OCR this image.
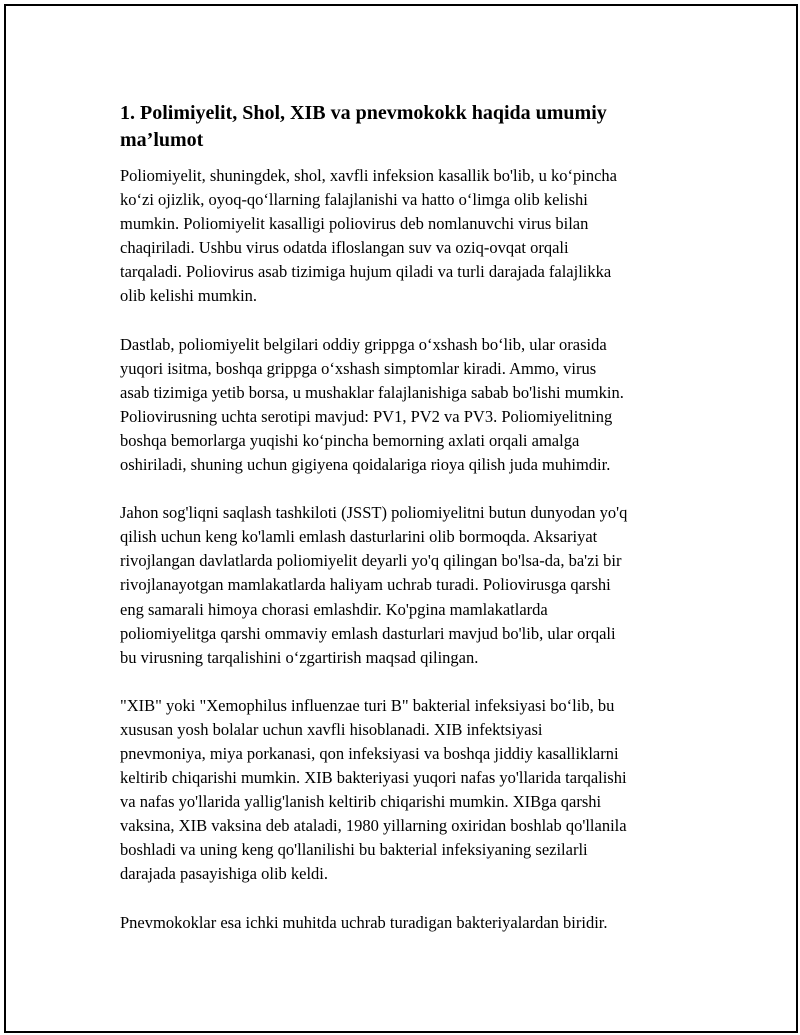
1. Polimiyelit, Shol, XIB va pnevmokokk haqida umumiy
ma’lumot
Poliomiyelit, shuningdek, shol, xavfli infeksion kasallik bo'lib, u ko‘pincha
ko‘zi ojizlik, oyoq-qo‘llarning falajlanishi va hatto o‘limga olib kelishi
mumkin. Poliomiyelit kasalligi poliovirus deb nomlanuvchi virus bilan
chaqiriladi. Ushbu virus odatda ifloslangan suv va oziq-ovqat orqali
tarqaladi. Poliovirus asab tizimiga hujum qiladi va turli darajada falajlikka
olib kelishi mumkin.
Dastlab, poliomiyelit belgilari oddiy grippga o‘xshash bo‘lib, ular orasida
yuqori isitma, boshqa grippga o‘xshash simptomlar kiradi. Ammo, virus
asab tizimiga yetib borsa, u mushaklar falajlanishiga sabab bo'lishi mumkin.
Poliovirusning uchta serotipi mavjud: PV1, PV2 va PV3. Poliomiyelitning
boshqa bemorlarga yuqishi ko‘pincha bemorning axlati orqali amalga
oshiriladi, shuning uchun gigiyena qoidalariga rioya qilish juda muhimdir.
Jahon sog'liqni saqlash tashkiloti (JSST) poliomiyelitni butun dunyodan yo'q
qilish uchun keng ko'lamli emlash dasturlarini olib bormoqda. Aksariyat
rivojlangan davlatlarda poliomiyelit deyarli yo'q qilingan bo'lsa-da, ba'zi bir
rivojlanayotgan mamlakatlarda haliyam uchrab turadi. Poliovirusga qarshi
eng samarali himoya chorasi emlashdir. Ko'pgina mamlakatlarda
poliomiyelitga qarshi ommaviy emlash dasturlari mavjud bo'lib, ular orqali
bu virusning tarqalishini o‘zgartirish maqsad qilingan.
"XIB" yoki "Xemophilus influenzae turi B" bakterial infeksiyasi bo‘lib, bu
xususan yosh bolalar uchun xavfli hisoblanadi. XIB infektsiyasi
pnevmoniya, miya porkanasi, qon infeksiyasi va boshqa jiddiy kasalliklarni
keltirib chiqarishi mumkin. XIB bakteriyasi yuqori nafas yo'llarida tarqalishi
va nafas yo'llarida yallig'lanish keltirib chiqarishi mumkin. XIBga qarshi
vaksina, XIB vaksina deb ataladi, 1980 yillarning oxiridan boshlab qo'llanila
boshladi va uning keng qo'llanilishi bu bakterial infeksiyaning sezilarli
darajada pasayishiga olib keldi.
Pnevmokoklar esa ichki muhitda uchrab turadigan bakteriyalardan biridir.
